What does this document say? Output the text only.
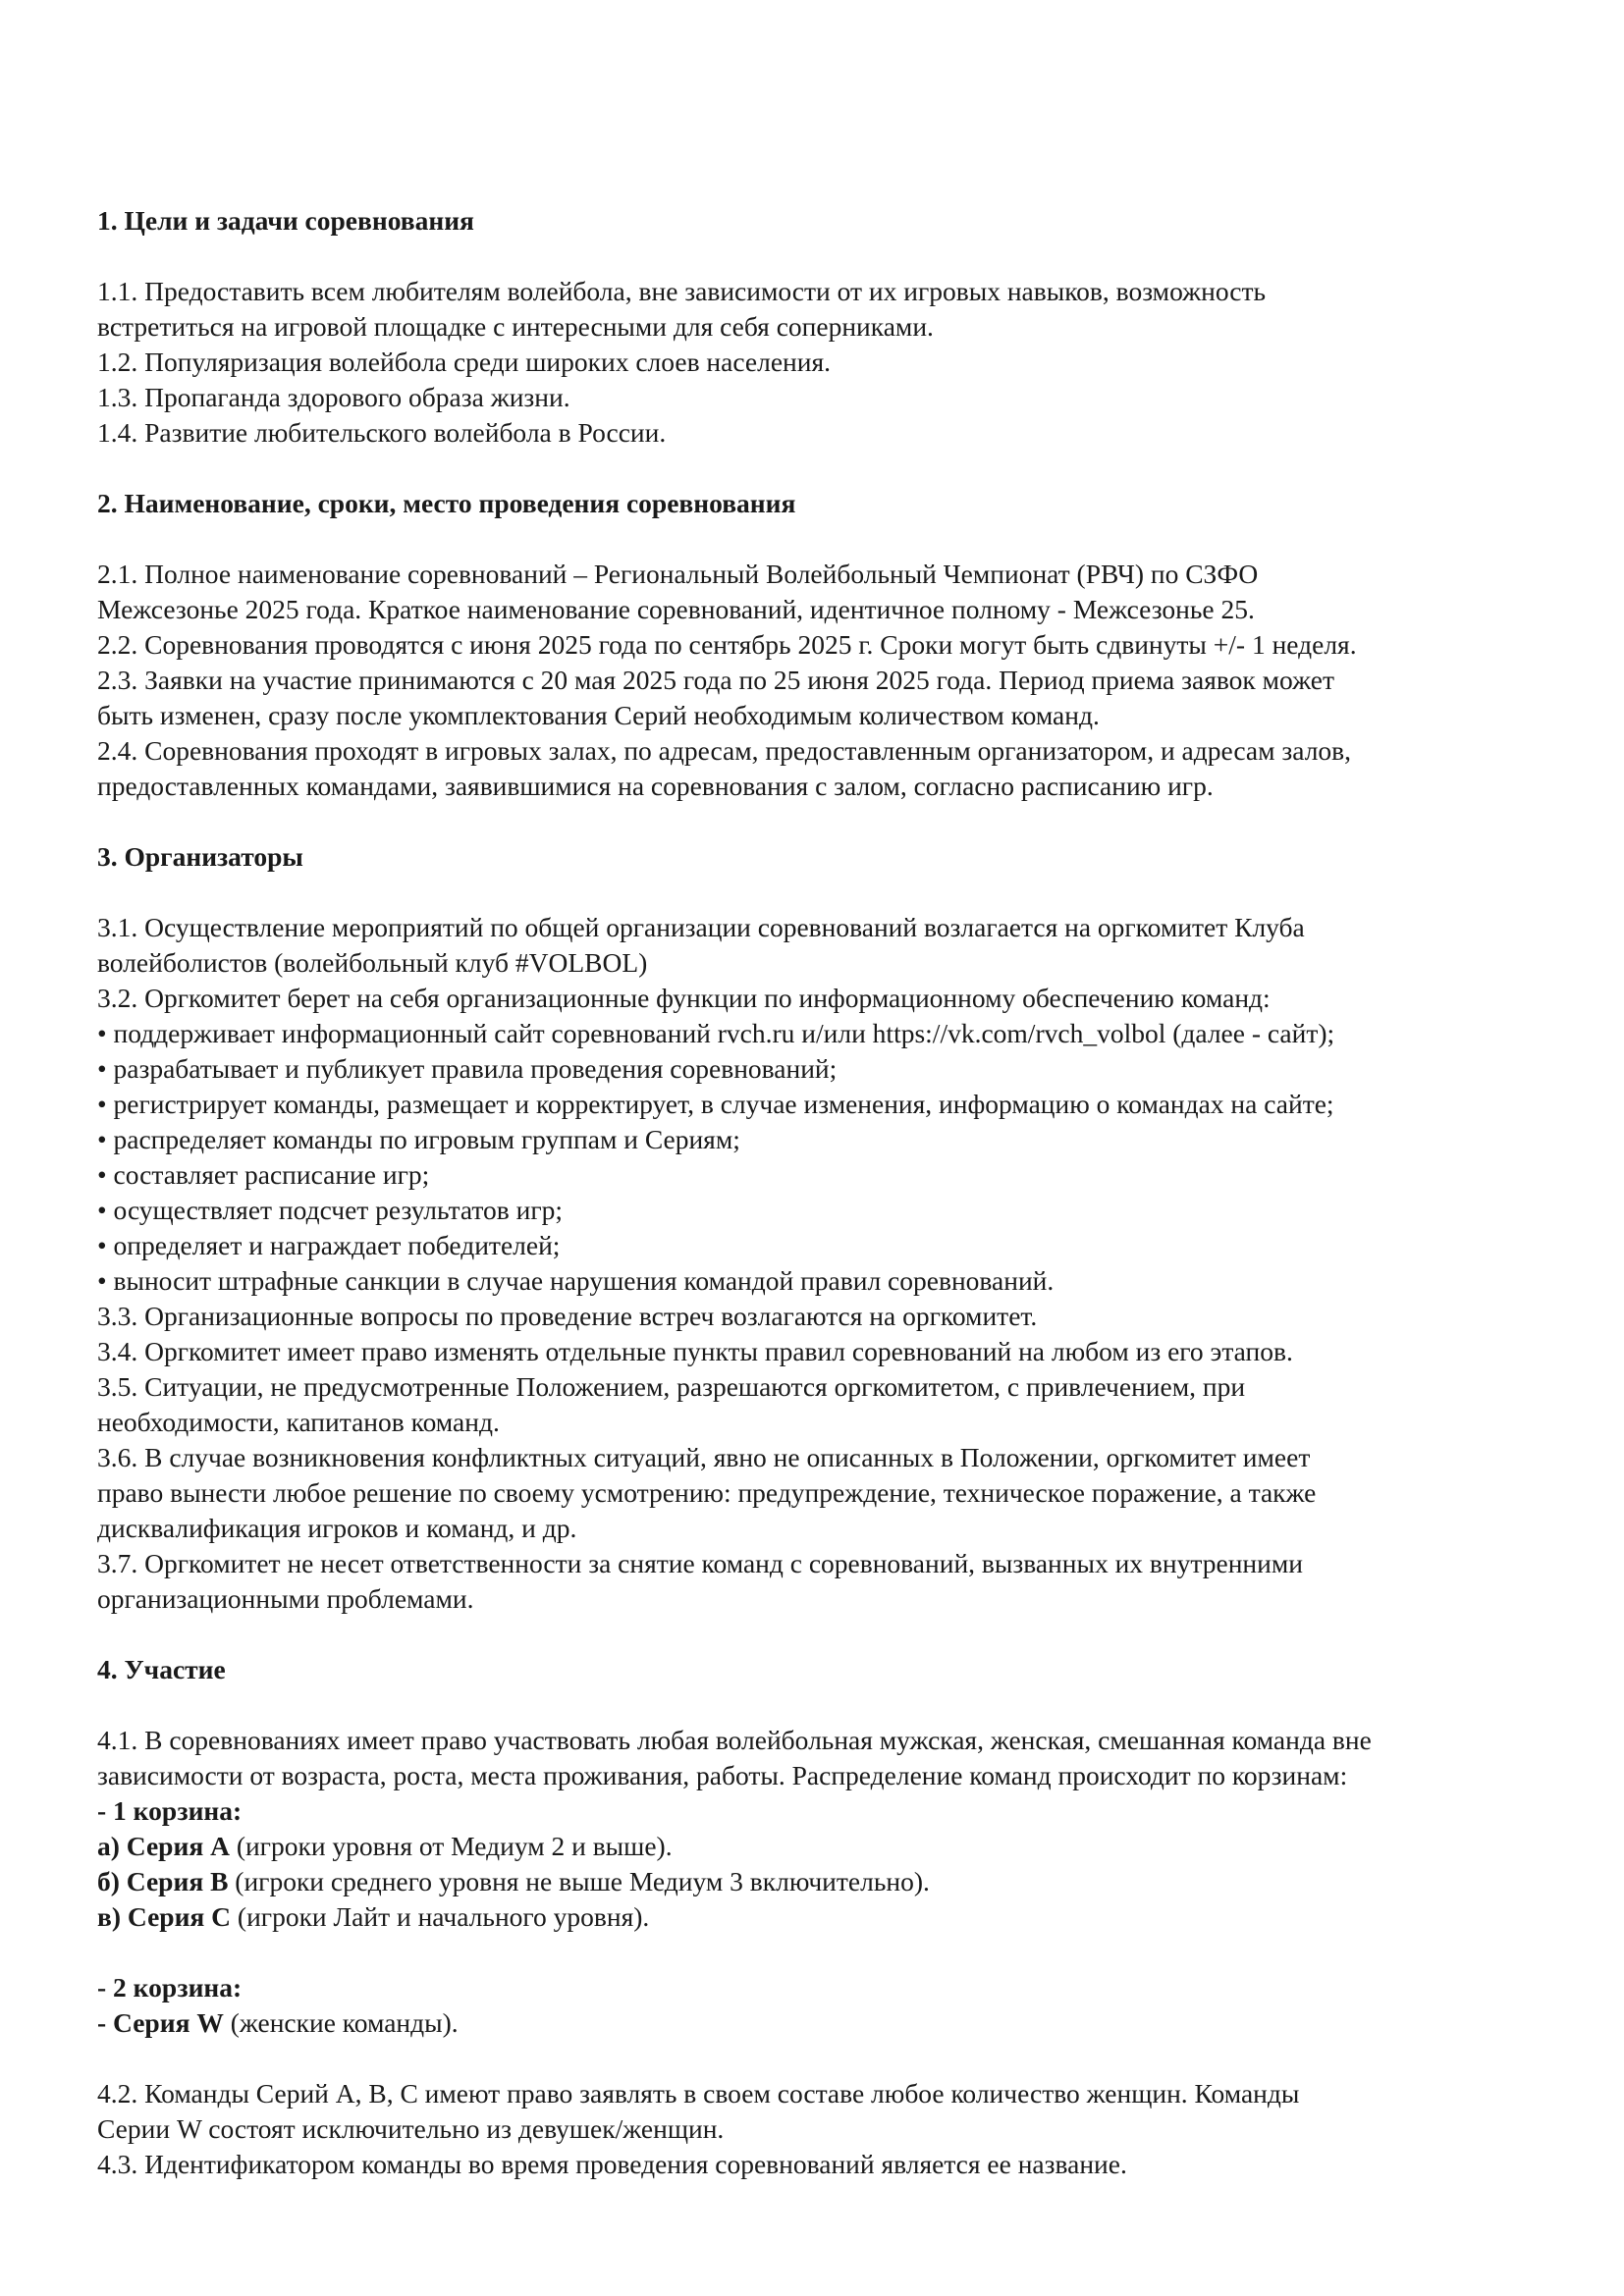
1. Цели и задачи соревнования
1.1. Предоставить всем любителям волейбола, вне зависимости от их игровых навыков, возможность
встретиться на игровой площадке с интересными для себя соперниками.
1.2. Популяризация волейбола среди широких слоев населения.
1.3. Пропаганда здорового образа жизни.
1.4. Развитие любительского волейбола в России.
2. Наименование, сроки, место проведения соревнования
2.1. Полное наименование соревнований – Региональный Волейбольный Чемпионат (РВЧ) по СЗФО
Межсезонье 2025 года. Краткое наименование соревнований, идентичное полному - Межсезонье 25.
2.2. Соревнования проводятся с июня 2025 года по сентябрь 2025 г. Сроки могут быть сдвинуты +/- 1 неделя.
2.3. Заявки на участие принимаются с 20 мая 2025 года по 25 июня 2025 года. Период приема заявок может
быть изменен, сразу после укомплектования Серий необходимым количеством команд.
2.4. Соревнования проходят в игровых залах, по адресам, предоставленным организатором, и адресам залов,
предоставленных командами, заявившимися на соревнования с залом, согласно расписанию игр.
3. Организаторы
3.1. Осуществление мероприятий по общей организации соревнований возлагается на оргкомитет Клуба
волейболистов (волейбольный клуб #VOLBOL)
3.2. Оргкомитет берет на себя организационные функции по информационному обеспечению команд:
• поддерживает информационный сайт соревнований rvch.ru и/или https://vk.com/rvch_volbol (далее - сайт);
• разрабатывает и публикует правила проведения соревнований;
• регистрирует команды, размещает и корректирует, в случае изменения, информацию о командах на сайте;
• распределяет команды по игровым группам и Сериям;
• составляет расписание игр;
• осуществляет подсчет результатов игр;
• определяет и награждает победителей;
• выносит штрафные санкции в случае нарушения командой правил соревнований.
3.3. Организационные вопросы по проведение встреч возлагаются на оргкомитет.
3.4. Оргкомитет имеет право изменять отдельные пункты правил соревнований на любом из его этапов.
3.5. Ситуации, не предусмотренные Положением, разрешаются оргкомитетом, с привлечением, при
необходимости, капитанов команд.
3.6. В случае возникновения конфликтных ситуаций, явно не описанных в Положении, оргкомитет имеет
право вынести любое решение по своему усмотрению: предупреждение, техническое поражение, а также
дисквалификация игроков и команд, и др.
3.7. Оргкомитет не несет ответственности за снятие команд с соревнований, вызванных их внутренними
организационными проблемами.
4. Участие
4.1. В соревнованиях имеет право участвовать любая волейбольная мужская, женская, смешанная команда вне
зависимости от возраста, роста, места проживания, работы. Распределение команд происходит по корзинам:
- 1 корзина:
а) Серия A (игроки уровня от Медиум 2 и выше).
б) Серия B (игроки среднего уровня не выше Медиум 3 включительно).
в) Серия C (игроки Лайт и начального уровня).
- 2 корзина:
- Серия W (женские команды).
4.2. Команды Серий A, B, C имеют право заявлять в своем составе любое количество женщин. Команды
Серии W состоят исключительно из девушек/женщин.
4.3. Идентификатором команды во время проведения соревнований является ее название.
